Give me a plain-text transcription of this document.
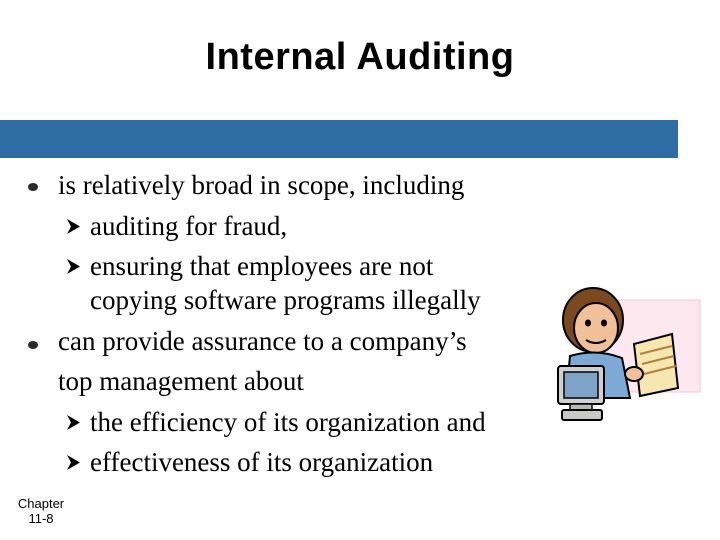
Internal Auditing
is relatively broad in scope, including
auditing for fraud,
ensuring that employees are not
copying software programs illegally
can provide assurance to a company’s
top management about
the efficiency of its organization and
effectiveness of its organization
Chapter
11-8
